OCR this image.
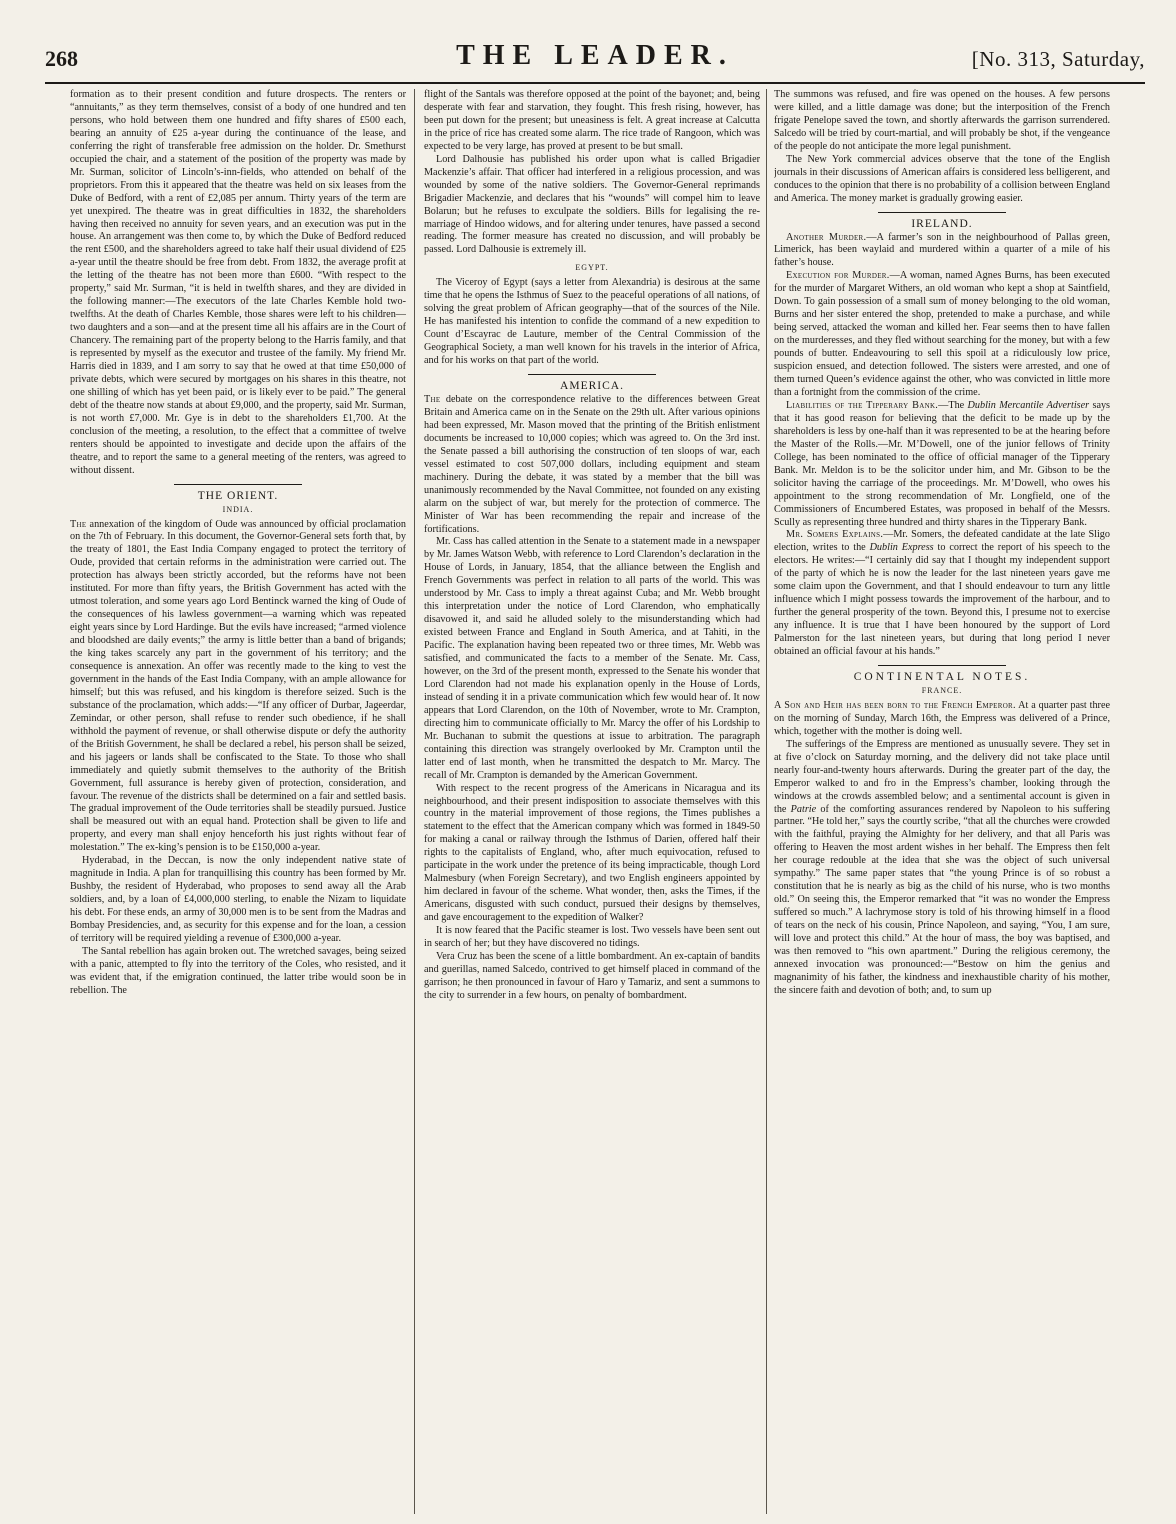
268	THE LEADER.	[No. 313, Saturday,

formation as to their present condition and future drospects. The renters or “annuitants,” as they term themselves, consist of a body of one hundred and ten persons, who hold between them one hundred and fifty shares of £500 each, bearing an annuity of £25 a-year during the continuance of the lease, and conferring the right of transferable free admission on the holder. Dr. Smethurst occupied the chair, and a statement of the position of the property was made by Mr. Surman, solicitor of Lincoln’s-inn-fields, who attended on behalf of the proprietors. From this it appeared that the theatre was held on six leases from the Duke of Bedford, with a rent of £2,085 per annum. Thirty years of the term are yet unexpired. The theatre was in great difficulties in 1832, the shareholders having then received no annuity for seven years, and an execution was put in the house. An arrangement was then come to, by which the Duke of Bedford reduced the rent £500, and the shareholders agreed to take half their usual dividend of £25 a-year until the theatre should be free from debt. From 1832, the average profit at the letting of the theatre has not been more than £600. “With respect to the property,” said Mr. Surman, “it is held in twelfth shares, and they are divided in the following manner:—The executors of the late Charles Kemble hold two-twelfths. At the death of Charles Kemble, those shares were left to his children—two daughters and a son—and at the present time all his affairs are in the Court of Chancery. The remaining part of the property belong to the Harris family, and that is represented by myself as the executor and trustee of the family. My friend Mr. Harris died in 1839, and I am sorry to say that he owed at that time £50,000 of private debts, which were secured by mortgages on his shares in this theatre, not one shilling of which has yet been paid, or is likely ever to be paid.” The general debt of the theatre now stands at about £9,000, and the property, said Mr. Surman, is not worth £7,000. Mr. Gye is in debt to the shareholders £1,700. At the conclusion of the meeting, a resolution, to the effect that a committee of twelve renters should be appointed to investigate and decide upon the affairs of the theatre, and to report the same to a general meeting of the renters, was agreed to without dissent.

THE ORIENT.
INDIA.

The annexation of the kingdom of Oude was announced by official proclamation on the 7th of February. In this document, the Governor-General sets forth that, by the treaty of 1801, the East India Company engaged to protect the territory of Oude, provided that certain reforms in the administration were carried out. The protection has always been strictly accorded, but the reforms have not been instituted. For more than fifty years, the British Government has acted with the utmost toleration, and some years ago Lord Bentinck warned the king of Oude of the consequences of his lawless government—a warning which was repeated eight years since by Lord Hardinge. But the evils have increased; “armed violence and bloodshed are daily events;” the army is little better than a band of brigands; the king takes scarcely any part in the government of his territory; and the consequence is annexation. An offer was recently made to the king to vest the government in the hands of the East India Company, with an ample allowance for himself; but this was refused, and his kingdom is therefore seized. Such is the substance of the proclamation, which adds:—“If any officer of Durbar, Jageerdar, Zemindar, or other person, shall refuse to render such obedience, if he shall withhold the payment of revenue, or shall otherwise dispute or defy the authority of the British Government, he shall be declared a rebel, his person shall be seized, and his jageers or lands shall be confiscated to the State. To those who shall immediately and quietly submit themselves to the authority of the British Government, full assurance is hereby given of protection, consideration, and favour. The revenue of the districts shall be determined on a fair and settled basis. The gradual improvement of the Oude territories shall be steadily pursued. Justice shall be measured out with an equal hand. Protection shall be given to life and property, and every man shall enjoy henceforth his just rights without fear of molestation.” The ex-king’s pension is to be £150,000 a-year.

Hyderabad, in the Deccan, is now the only independent native state of magnitude in India. A plan for tranquillising this country has been formed by Mr. Bushby, the resident of Hyderabad, who proposes to send away all the Arab soldiers, and, by a loan of £4,000,000 sterling, to enable the Nizam to liquidate his debt. For these ends, an army of 30,000 men is to be sent from the Madras and Bombay Presidencies, and, as security for this expense and for the loan, a cession of territory will be required yielding a revenue of £300,000 a-year.

The Santal rebellion has again broken out. The wretched savages, being seized with a panic, attempted to fly into the territory of the Coles, who resisted, and it was evident that, if the emigration continued, the latter tribe would soon be in rebellion. The

flight of the Santals was therefore opposed at the point of the bayonet; and, being desperate with fear and starvation, they fought. This fresh rising, however, has been put down for the present; but uneasiness is felt. A great increase at Calcutta in the price of rice has created some alarm. The rice trade of Rangoon, which was expected to be very large, has proved at present to be but small.

Lord Dalhousie has published his order upon what is called Brigadier Mackenzie’s affair. That officer had interfered in a religious procession, and was wounded by some of the native soldiers. The Governor-General reprimands Brigadier Mackenzie, and declares that his “wounds” will compel him to leave Bolarun; but he refuses to exculpate the soldiers. Bills for legalising the re-marriage of Hindoo widows, and for altering under tenures, have passed a second reading. The former measure has created no discussion, and will probably be passed. Lord Dalhousie is extremely ill.

EGYPT.

The Viceroy of Egypt (says a letter from Alexandria) is desirous at the same time that he opens the Isthmus of Suez to the peaceful operations of all nations, of solving the great problem of African geography—that of the sources of the Nile. He has manifested his intention to confide the command of a new expedition to Count d’Escayrac de Lauture, member of the Central Commission of the Geographical Society, a man well known for his travels in the interior of Africa, and for his works on that part of the world.

AMERICA.

The debate on the correspondence relative to the differences between Great Britain and America came on in the Senate on the 29th ult. After various opinions had been expressed, Mr. Mason moved that the printing of the British enlistment documents be increased to 10,000 copies; which was agreed to. On the 3rd inst. the Senate passed a bill authorising the construction of ten sloops of war, each vessel estimated to cost 507,000 dollars, including equipment and steam machinery. During the debate, it was stated by a member that the bill was unanimously recommended by the Naval Committee, not founded on any existing alarm on the subject of war, but merely for the protection of commerce. The Minister of War has been recommending the repair and increase of the fortifications.

Mr. Cass has called attention in the Senate to a statement made in a newspaper by Mr. James Watson Webb, with reference to Lord Clarendon’s declaration in the House of Lords, in January, 1854, that the alliance between the English and French Governments was perfect in relation to all parts of the world. This was understood by Mr. Cass to imply a threat against Cuba; and Mr. Webb brought this interpretation under the notice of Lord Clarendon, who emphatically disavowed it, and said he alluded solely to the misunderstanding which had existed between France and England in South America, and at Tahiti, in the Pacific. The explanation having been repeated two or three times, Mr. Webb was satisfied, and communicated the facts to a member of the Senate. Mr. Cass, however, on the 3rd of the present month, expressed to the Senate his wonder that Lord Clarendon had not made his explanation openly in the House of Lords, instead of sending it in a private communication which few would hear of. It now appears that Lord Clarendon, on the 10th of November, wrote to Mr. Crampton, directing him to communicate officially to Mr. Marcy the offer of his Lordship to Mr. Buchanan to submit the questions at issue to arbitration. The paragraph containing this direction was strangely overlooked by Mr. Crampton until the latter end of last month, when he transmitted the despatch to Mr. Marcy. The recall of Mr. Crampton is demanded by the American Government.

With respect to the recent progress of the Americans in Nicaragua and its neighbourhood, and their present indisposition to associate themselves with this country in the material improvement of those regions, the Times publishes a statement to the effect that the American company which was formed in 1849-50 for making a canal or railway through the Isthmus of Darien, offered half their rights to the capitalists of England, who, after much equivocation, refused to participate in the work under the pretence of its being impracticable, though Lord Malmesbury (when Foreign Secretary), and two English engineers appointed by him declared in favour of the scheme. What wonder, then, asks the Times, if the Americans, disgusted with such conduct, pursued their designs by themselves, and gave encouragement to the expedition of Walker?

It is now feared that the Pacific steamer is lost. Two vessels have been sent out in search of her; but they have discovered no tidings.

Vera Cruz has been the scene of a little bombardment. An ex-captain of bandits and guerillas, named Salcedo, contrived to get himself placed in command of the garrison; he then pronounced in favour of Haro y Tamariz, and sent a summons to the city to surrender in a few hours, on penalty of bombardment.

The summons was refused, and fire was opened on the houses. A few persons were killed, and a little damage was done; but the interposition of the French frigate Penelope saved the town, and shortly afterwards the garrison surrendered. Salcedo will be tried by court-martial, and will probably be shot, if the vengeance of the people do not anticipate the more legal punishment.

The New York commercial advices observe that the tone of the English journals in their discussions of American affairs is considered less belligerent, and conduces to the opinion that there is no probability of a collision between England and America. The money market is gradually growing easier.

IRELAND.

Another Murder.—A farmer’s son in the neighbourhood of Pallas green, Limerick, has been waylaid and murdered within a quarter of a mile of his father’s house.

Execution for Murder.—A woman, named Agnes Burns, has been executed for the murder of Margaret Withers, an old woman who kept a shop at Saintfield, Down. To gain possession of a small sum of money belonging to the old woman, Burns and her sister entered the shop, pretended to make a purchase, and while being served, attacked the woman and killed her. Fear seems then to have fallen on the murderesses, and they fled without searching for the money, but with a few pounds of butter. Endeavouring to sell this spoil at a ridiculously low price, suspicion ensued, and detection followed. The sisters were arrested, and one of them turned Queen’s evidence against the other, who was convicted in little more than a fortnight from the commission of the crime.

Liabilities of the Tipperary Bank.—The Dublin Mercantile Advertiser says that it has good reason for believing that the deficit to be made up by the shareholders is less by one-half than it was represented to be at the hearing before the Master of the Rolls.—Mr. M’Dowell, one of the junior fellows of Trinity College, has been nominated to the office of official manager of the Tipperary Bank. Mr. Meldon is to be the solicitor under him, and Mr. Gibson to be the solicitor having the carriage of the proceedings. Mr. M’Dowell, who owes his appointment to the strong recommendation of Mr. Longfield, one of the Commissioners of Encumbered Estates, was proposed in behalf of the Messrs. Scully as representing three hundred and thirty shares in the Tipperary Bank.

Mr. Somers Explains.—Mr. Somers, the defeated candidate at the late Sligo election, writes to the Dublin Express to correct the report of his speech to the electors. He writes:—“I certainly did say that I thought my independent support of the party of which he is now the leader for the last nineteen years gave me some claim upon the Government, and that I should endeavour to turn any little influence which I might possess towards the improvement of the harbour, and to further the general prosperity of the town. Beyond this, I presume not to exercise any influence. It is true that I have been honoured by the support of Lord Palmerston for the last nineteen years, but during that long period I never obtained an official favour at his hands.”

CONTINENTAL NOTES.
FRANCE.

A Son and Heir has been born to the French Emperor. At a quarter past three on the morning of Sunday, March 16th, the Empress was delivered of a Prince, which, together with the mother is doing well.

The sufferings of the Empress are mentioned as unusually severe. They set in at five o’clock on Saturday morning, and the delivery did not take place until nearly four-and-twenty hours afterwards. During the greater part of the day, the Emperor walked to and fro in the Empress’s chamber, looking through the windows at the crowds assembled below; and a sentimental account is given in the Patrie of the comforting assurances rendered by Napoleon to his suffering partner. “He told her,” says the courtly scribe, “that all the churches were crowded with the faithful, praying the Almighty for her delivery, and that all Paris was offering to Heaven the most ardent wishes in her behalf. The Empress then felt her courage redouble at the idea that she was the object of such universal sympathy.” The same paper states that “the young Prince is of so robust a constitution that he is nearly as big as the child of his nurse, who is two months old.” On seeing this, the Emperor remarked that “it was no wonder the Empress suffered so much.” A lachrymose story is told of his throwing himself in a flood of tears on the neck of his cousin, Prince Napoleon, and saying, “You, I am sure, will love and protect this child.” At the hour of mass, the boy was baptised, and was then removed to “his own apartment.” During the religious ceremony, the annexed invocation was pronounced:—“Bestow on him the genius and magnanimity of his father, the kindness and inexhaustible charity of his mother, the sincere faith and devotion of both; and, to sum up
